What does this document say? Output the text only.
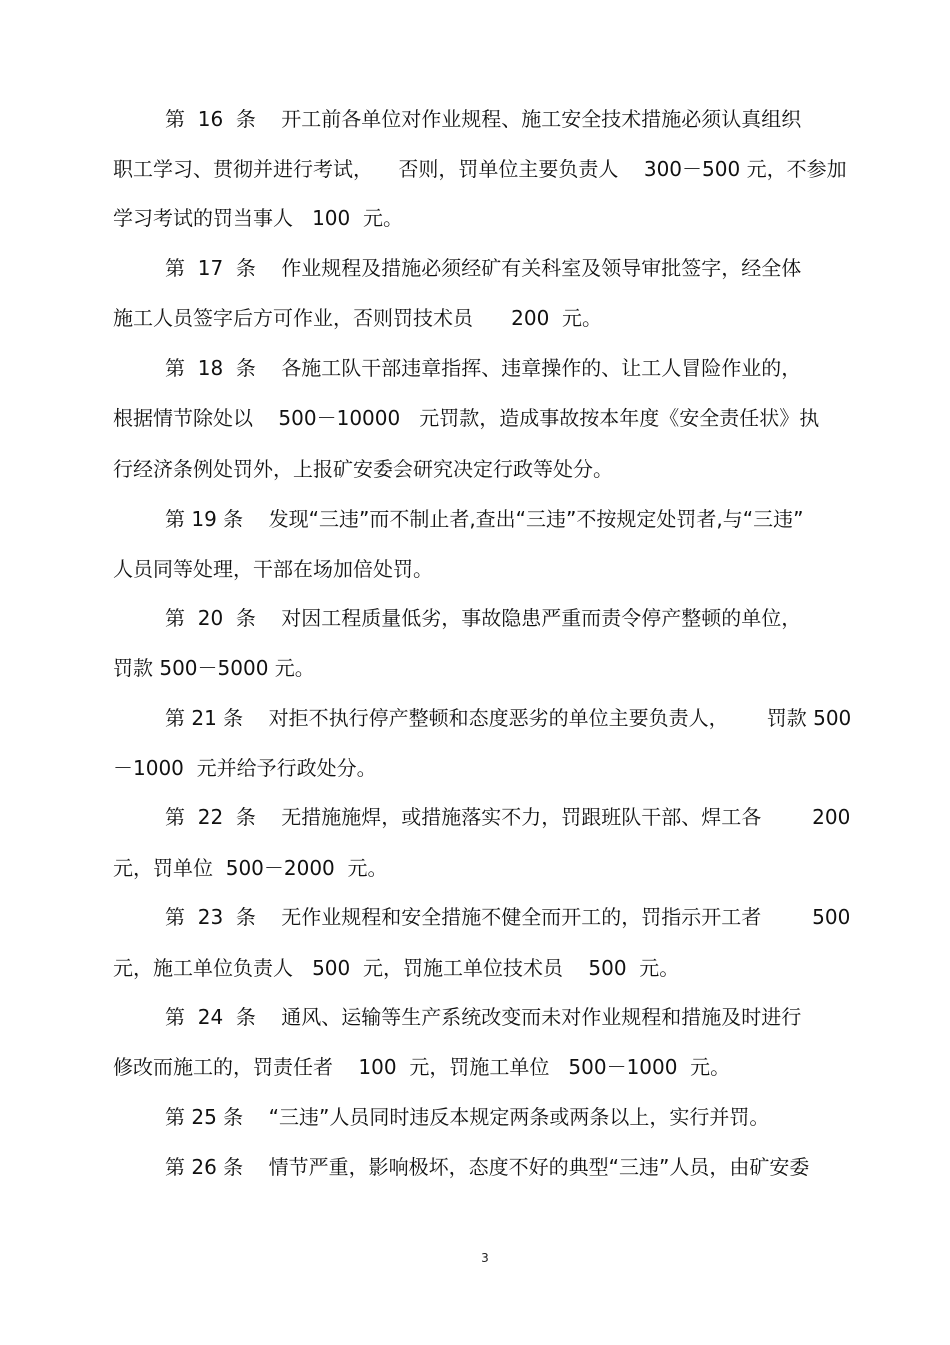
第  16  条    开工前各单位对作业规程、施工安全技术措施必须认真组织
职工学习、贯彻并进行考试，    否则，罚单位主要负责人    300－500 元，不参加
学习考试的罚当事人   100  元。
第  17  条    作业规程及措施必须经矿有关科室及领导审批签字，经全体
施工人员签字后方可作业，否则罚技术员      200  元。
第  18  条    各施工队干部违章指挥、违章操作的、让工人冒险作业的，
根据情节除处以    500－10000   元罚款，造成事故按本年度《安全责任状》执
行经济条例处罚外，上报矿安委会研究决定行政等处分。
第 19 条    发现“三违”而不制止者,查出“三违”不按规定处罚者,与“三违”
人员同等处理，干部在场加倍处罚。
第  20  条    对因工程质量低劣，事故隐患严重而责令停产整顿的单位，
罚款 500－5000 元。
第 21 条    对拒不执行停产整顿和态度恶劣的单位主要负责人，      罚款 500
－1000  元并给予行政处分。
第  22  条    无措施施焊，或措施落实不力，罚跟班队干部、焊工各        200
元，罚单位  500－2000  元。
第  23  条    无作业规程和安全措施不健全而开工的，罚指示开工者        500
元，施工单位负责人   500  元，罚施工单位技术员    500  元。
第  24  条    通风、运输等生产系统改变而未对作业规程和措施及时进行
修改而施工的，罚责任者    100  元，罚施工单位   500－1000  元。
第 25 条    “三违”人员同时违反本规定两条或两条以上，实行并罚。
第 26 条    情节严重，影响极坏，态度不好的典型“三违”人员，由矿安委
3
